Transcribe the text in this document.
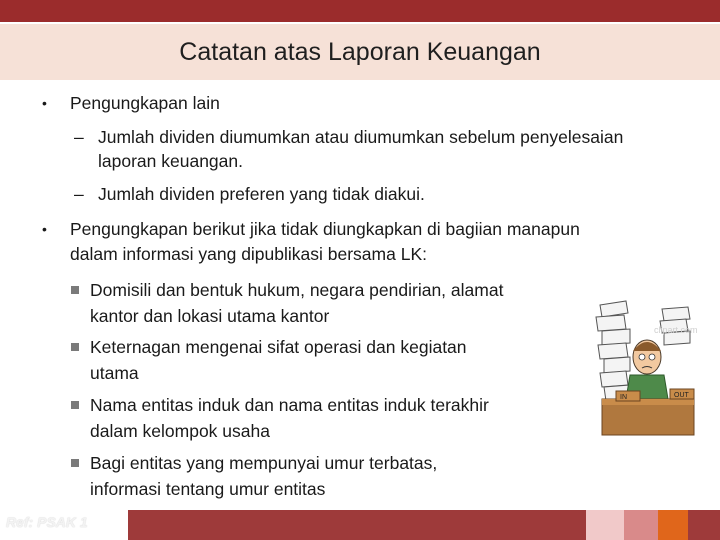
Catatan atas Laporan Keuangan
• Pengungkapan lain
– Jumlah dividen diumumkan atau diumumkan sebelum penyelesaian
laporan keuangan.
– Jumlah dividen preferen yang tidak diakui.
• Pengungkapan berikut jika tidak diungkapkan di bagiian manapun
dalam informasi yang dipublikasi bersama LK:
Domisili dan bentuk hukum, negara pendirian, alamat
kantor dan lokasi utama kantor
Keternagan mengenai sifat operasi dan kegiatan
utama
Nama entitas induk dan nama entitas induk terakhir
dalam kelompok usaha
Bagi entitas yang mempunyai umur terbatas,
informasi tentang umur entitas
IN	OUT
clipart.com
Ref: PSAK 1
